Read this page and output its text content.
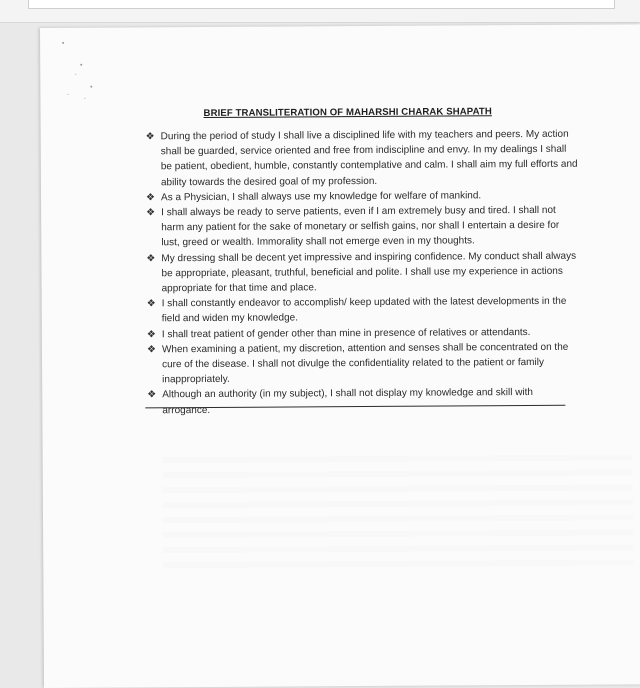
BRIEF TRANSLITERATION OF MAHARSHI CHARAK SHAPATH
❖ During the period of study I shall live a disciplined life with my teachers and peers. My action shall be guarded, service oriented and free from indiscipline and envy. In my dealings I shall be patient, obedient, humble, constantly contemplative and calm. I shall aim my full efforts and ability towards the desired goal of my profession.
❖ As a Physician, I shall always use my knowledge for welfare of mankind.
❖ I shall always be ready to serve patients, even if I am extremely busy and tired. I shall not harm any patient for the sake of monetary or selfish gains, nor shall I entertain a desire for lust, greed or wealth. Immorality shall not emerge even in my thoughts.
❖ My dressing shall be decent yet impressive and inspiring confidence. My conduct shall always be appropriate, pleasant, truthful, beneficial and polite. I shall use my experience in actions appropriate for that time and place.
❖ I shall constantly endeavor to accomplish/ keep updated with the latest developments in the field and widen my knowledge.
❖ I shall treat patient of gender other than mine in presence of relatives or attendants.
❖ When examining a patient, my discretion, attention and senses shall be concentrated on the cure of the disease. I shall not divulge the confidentiality related to the patient or family inappropriately.
❖ Although an authority (in my subject), I shall not display my knowledge and skill with arrogance.
